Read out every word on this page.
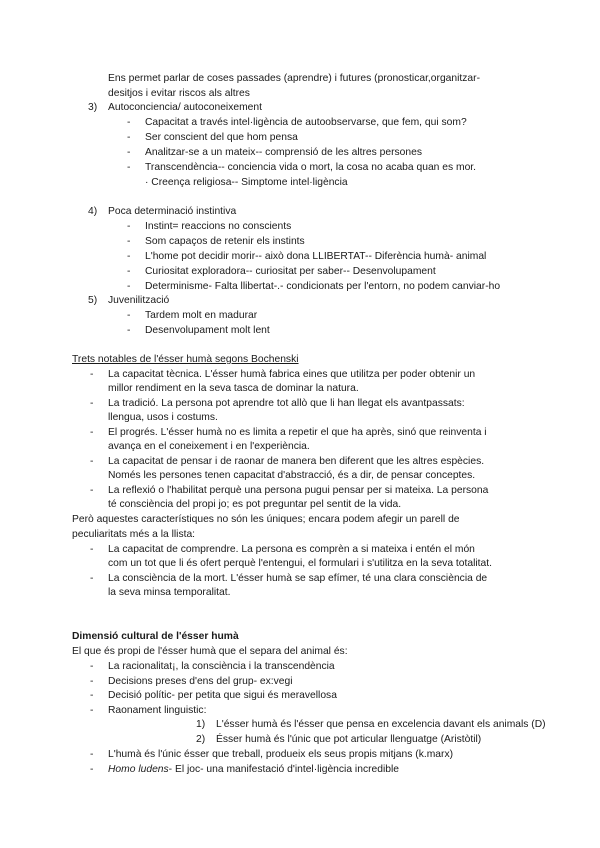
Ens permet parlar de coses passades (aprendre) i futures (pronosticar,organitzar-
desitjos i evitar riscos als altres
3) Autoconciencia/ autoconeixement
- Capacitat a través intel·ligència de autoobservarse, que fem, qui som?
- Ser conscient del que hom pensa
- Analitzar-se a un mateix-- comprensió de les altres persones
- Transcendència-- conciencia vida o mort, la cosa no acaba quan es mor.
· Creença religiosa-- Simptome intel·ligència
4) Poca determinació instintiva
- Instint= reaccions no conscients
- Som capaços de retenir els instints
- L'home pot decidir morir-- això dona LLIBERTAT-- Diferència humà- animal
- Curiositat exploradora-- curiositat per saber-- Desenvolupament
- Determinisme- Falta llibertat-.- condicionats per l'entorn, no podem canviar-ho
5) Juvenilització
- Tardem molt en madurar
- Desenvolupament molt lent
Trets notables de l'ésser humà segons Bochenski
- La capacitat tècnica. L'ésser humà fabrica eines que utilitza per poder obtenir un
millor rendiment en la seva tasca de dominar la natura.
- La tradició. La persona pot aprendre tot allò que li han llegat els avantpassats:
llengua, usos i costums.
- El progrés. L'ésser humà no es limita a repetir el que ha après, sinó que reinventa i
avança en el coneixement i en l'experiència.
- La capacitat de pensar i de raonar de manera ben diferent que les altres espècies.
Només les persones tenen capacitat d'abstracció, és a dir, de pensar conceptes.
- La reflexió o l'habilitat perquè una persona pugui pensar per si mateixa. La persona
té consciència del propi jo; es pot preguntar pel sentit de la vida.
Però aquestes característiques no són les úniques; encara podem afegir un parell de
peculiaritats més a la llista:
- La capacitat de comprendre. La persona es comprèn a si mateixa i entén el món
com un tot que li és ofert perquè l'entengui, el formulari i s'utilitza en la seva totalitat.
- La consciència de la mort. L'ésser humà se sap efímer, té una clara consciència de
la seva minsa temporalitat.
Dimensió cultural de l'ésser humà
El que és propi de l'ésser humà que el separa del animal és:
- La racionalitat¡, la consciència i la transcendència
- Decisions preses d'ens del grup- ex:vegi
- Decisió polític- per petita que sigui és meravellosa
- Raonament linguistic:
1) L'ésser humà és l'ésser que pensa en excelencia davant els animals (D)
2) Ésser humà és l'únic que pot articular llenguatge (Aristòtil)
- L'humà és l'únic ésser que treball, produeix els seus propis mitjans (k.marx)
- Homo ludens- El joc- una manifestació d'intel·ligència incredible
